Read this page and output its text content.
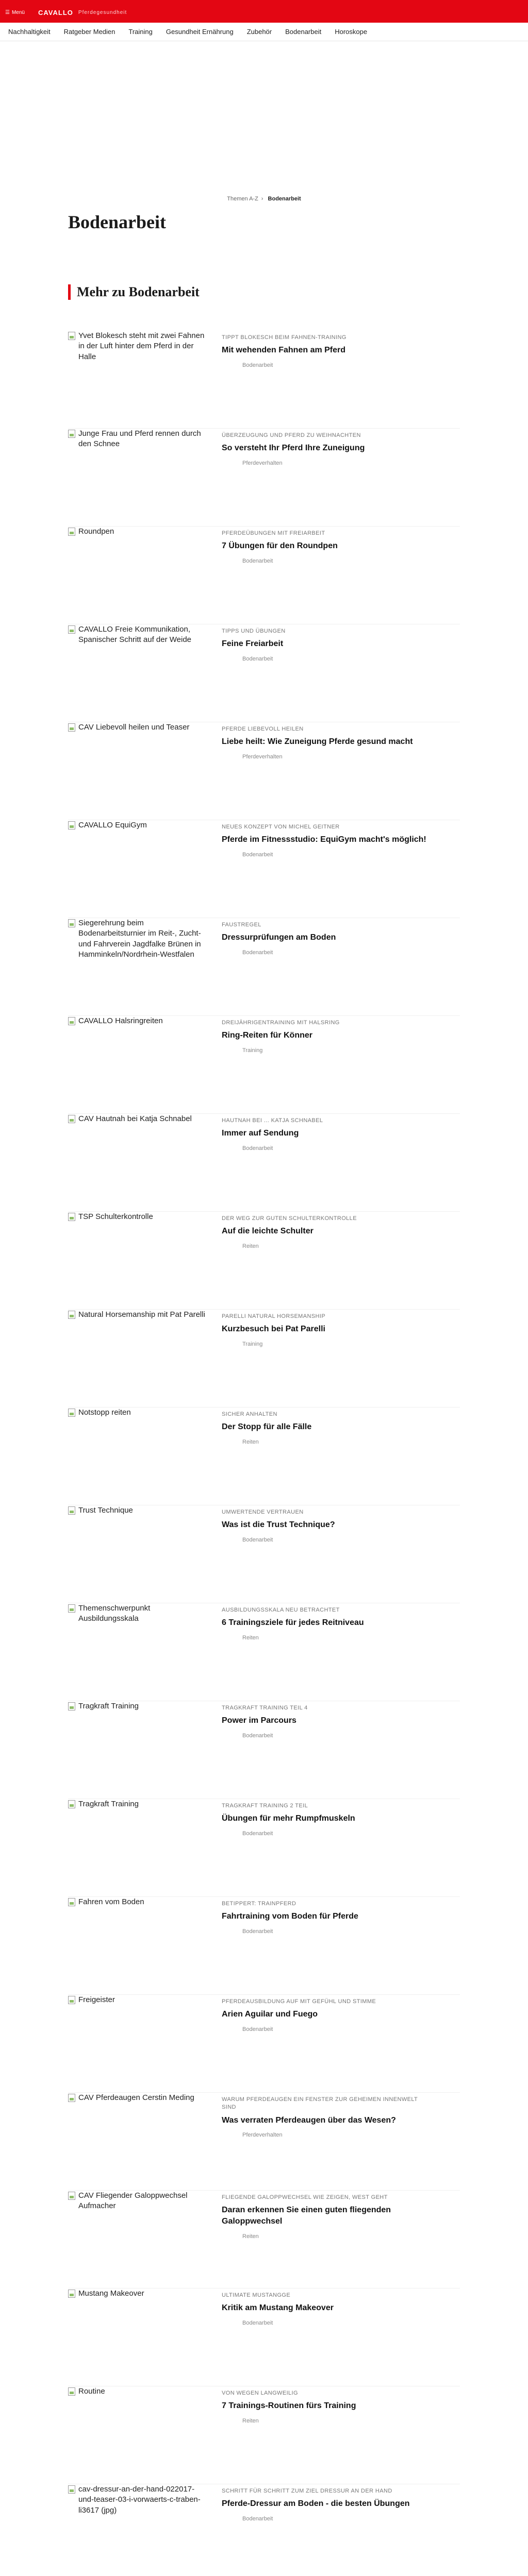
☰ Menü CAVALLO Pferdegesundheit
Nachhaltigkeit Ratgeber Medien Training Gesundheit Ernährung Zubehör Bodenarbeit Horoskope
Themen A-Z › Bodenarbeit
Bodenarbeit
Mehr zu Bodenarbeit
Yvet Blokesch steht mit zwei Fahnen in der Luft hinter dem Pferd in der Halle
TIPPT BLOKESCH BEIM FAHNEN-TRAINING
Mit wehenden Fahnen am Pferd
Bodenarbeit
Junge Frau und Pferd rennen durch den Schnee
ÜBERZEUGUNG UND PFERD ZU WEIHNACHTEN
So versteht Ihr Pferd Ihre Zuneigung
Pferdeverhalten
Roundpen	PFERDEÜBUNGEN MIT FREIARBEIT
7 Übungen für den Roundpen
Bodenarbeit
CAVALLO Freie Kommunikation, Spanischer Schritt auf der Weide
TIPPS UND ÜBUNGEN
Feine Freiarbeit
Bodenarbeit
CAV Liebevoll heilen und Teaser	PFERDE LIEBEVOLL HEILEN
Liebe heilt: Wie Zuneigung Pferde gesund macht
Pferdeverhalten
CAVALLO EquiGym	NEUES KONZEPT VON MICHEL GEITNER
Pferde im Fitnessstudio: EquiGym macht's möglich!
Bodenarbeit
Siegerehrung beim Bodenarbeitsturnier im Reit-, Zucht- und Fahrverein Jagdfalke Brünen in Hamminkeln/Nordrhein-Westfalen
FAUSTREGEL
Dressurprüfungen am Boden
Bodenarbeit
CAVALLO Halsringreiten	DREIJÄHRIGENTRAINING MIT HALSRING
Ring-Reiten für Könner
Training
CAV Hautnah bei Katja Schnabel	HAUTNAH BEI ... KATJA SCHNABEL
Immer auf Sendung
Bodenarbeit
TSP Schulterkontrolle	DER WEG ZUR GUTEN SCHULTERKONTROLLE
Auf die leichte Schulter
Reiten
Natural Horsemanship mit Pat Parelli	PARELLI NATURAL HORSEMANSHIP
Kurzbesuch bei Pat Parelli
Training
Notstopp reiten	SICHER ANHALTEN
Der Stopp für alle Fälle
Reiten
Trust Technique	UMWERTENDE VERTRAUEN
Was ist die Trust Technique?
Bodenarbeit
Themenschwerpunkt Ausbildungsskala
AUSBILDUNGSSKALA NEU BETRACHTET
6 Trainingsziele für jedes Reitniveau
Reiten
Tragkraft Training	TRAGKRAFT TRAINING TEIL 4
Power im Parcours
Bodenarbeit
Tragkraft Training	TRAGKRAFT TRAINING 2 TEIL
Übungen für mehr Rumpfmuskeln
Bodenarbeit
Fahren vom Boden	BETIPPERT: TRAINPFERD
Fahrtraining vom Boden für Pferde
Bodenarbeit
Freigeister	PFERDEAUSBILDUNG AUF MIT GEFÜHL UND STIMME
Arien Aguilar und Fuego
Bodenarbeit
CAV Pferdeaugen Cerstin Meding	WARUM PFERDEAUGEN EIN FENSTER ZUR GEHEIMEN INNENWELT SIND
Was verraten Pferdeaugen über das Wesen?
Pferdeverhalten
CAV Fliegender Galoppwechsel Aufmacher
FLIEGENDE GALOPPWECHSEL WIE ZEIGEN, WEST GEHT
Daran erkennen Sie einen guten fliegenden Galoppwechsel
Reiten
Mustang Makeover	ULTIMATE MUSTANGGE
Kritik am Mustang Makeover
Bodenarbeit
Routine	VON WEGEN LANGWEILIG
7 Trainings-Routinen fürs Training
Reiten
cav-dressur-an-der-hand-022017-und-teaser-03-i-vorwaerts-c-traben-li3617 (jpg)
SCHRITT FÜR SCHRITT ZUM ZIEL DRESSUR AN DER HAND
Pferde-Dressur am Boden - die besten Übungen
Bodenarbeit
